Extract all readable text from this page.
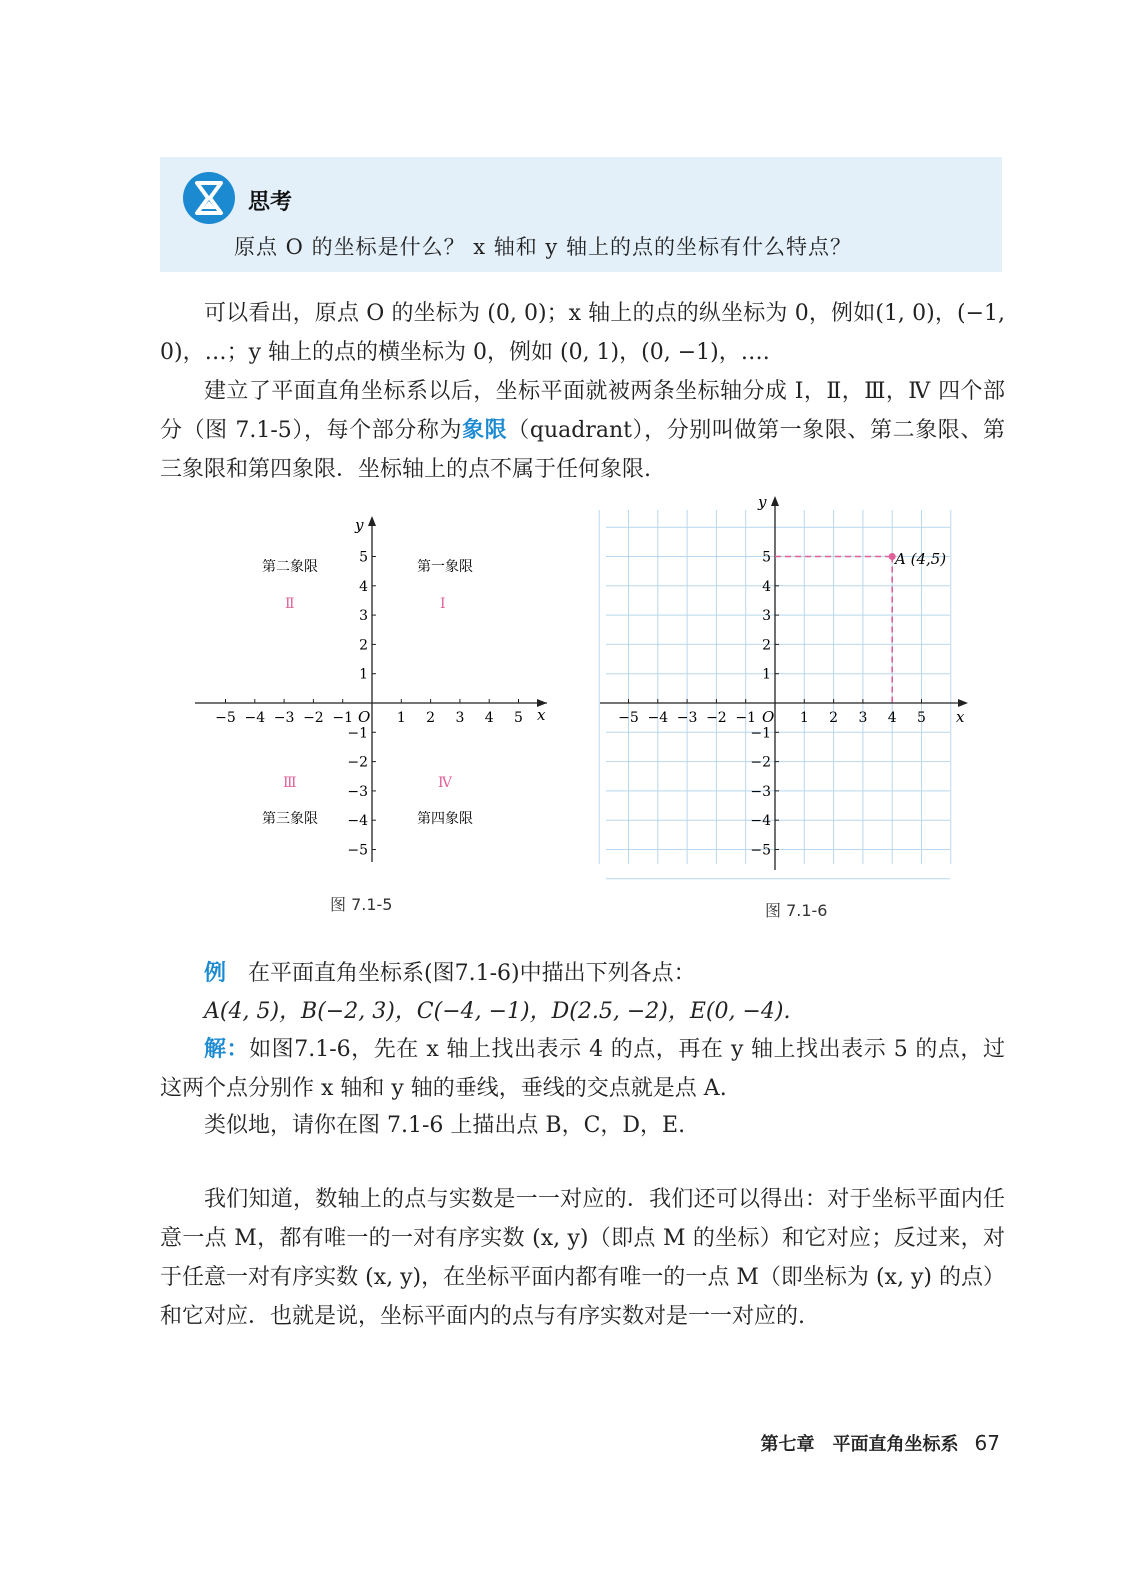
思考
原点 O 的坐标是什么？ x 轴和 y 轴上的点的坐标有什么特点？

可以看出，原点 O 的坐标为 (0, 0)；x 轴上的点的纵坐标为 0，例如(1, 0)，(−1, 0)，…；y 轴上的点的横坐标为 0，例如 (0, 1)，(0, −1)，….

建立了平面直角坐标系以后，坐标平面就被两条坐标轴分成 Ⅰ，Ⅱ，Ⅲ，Ⅳ 四个部分（图 7.1-5），每个部分称为象限（quadrant），分别叫做第一象限、第二象限、第三象限和第四象限．坐标轴上的点不属于任何象限.

−5 −4 −3 −2 −1	1 2 3 4 5
−5
−4
−3
−2
−1
1
2
3
4
5
x
y
O
第一象限
第二象限
第三象限	第四象限
Ⅰ
Ⅱ
Ⅲ	Ⅳ
图 7.1-5
−5 −4 −3 −2 −1	1 2 3 4 5
−5
−4
−3
−2
−1
1
2
3
4
5
x
y
O
A (4,5)
图 7.1-6

例　 在平面直角坐标系(图7.1-6)中描出下列各点：

A(4, 5)，B(−2, 3)，C(−4, −1)，D(2.5, −2)，E(0, −4).

解：如图7.1-6，先在 x 轴上找出表示 4 的点，再在 y 轴上找出表示 5 的点，过这两个点分别作 x 轴和 y 轴的垂线，垂线的交点就是点 A.

类似地，请你在图 7.1-6 上描出点 B，C，D，E.

我们知道，数轴上的点与实数是一一对应的．我们还可以得出：对于坐标平面内任意一点 M，都有唯一的一对有序实数 (x, y)（即点 M 的坐标）和它对应；反过来，对于任意一对有序实数 (x, y)，在坐标平面内都有唯一的一点 M（即坐标为 (x, y) 的点）和它对应．也就是说，坐标平面内的点与有序实数对是一一对应的.

第七章　平面直角坐标系 67
